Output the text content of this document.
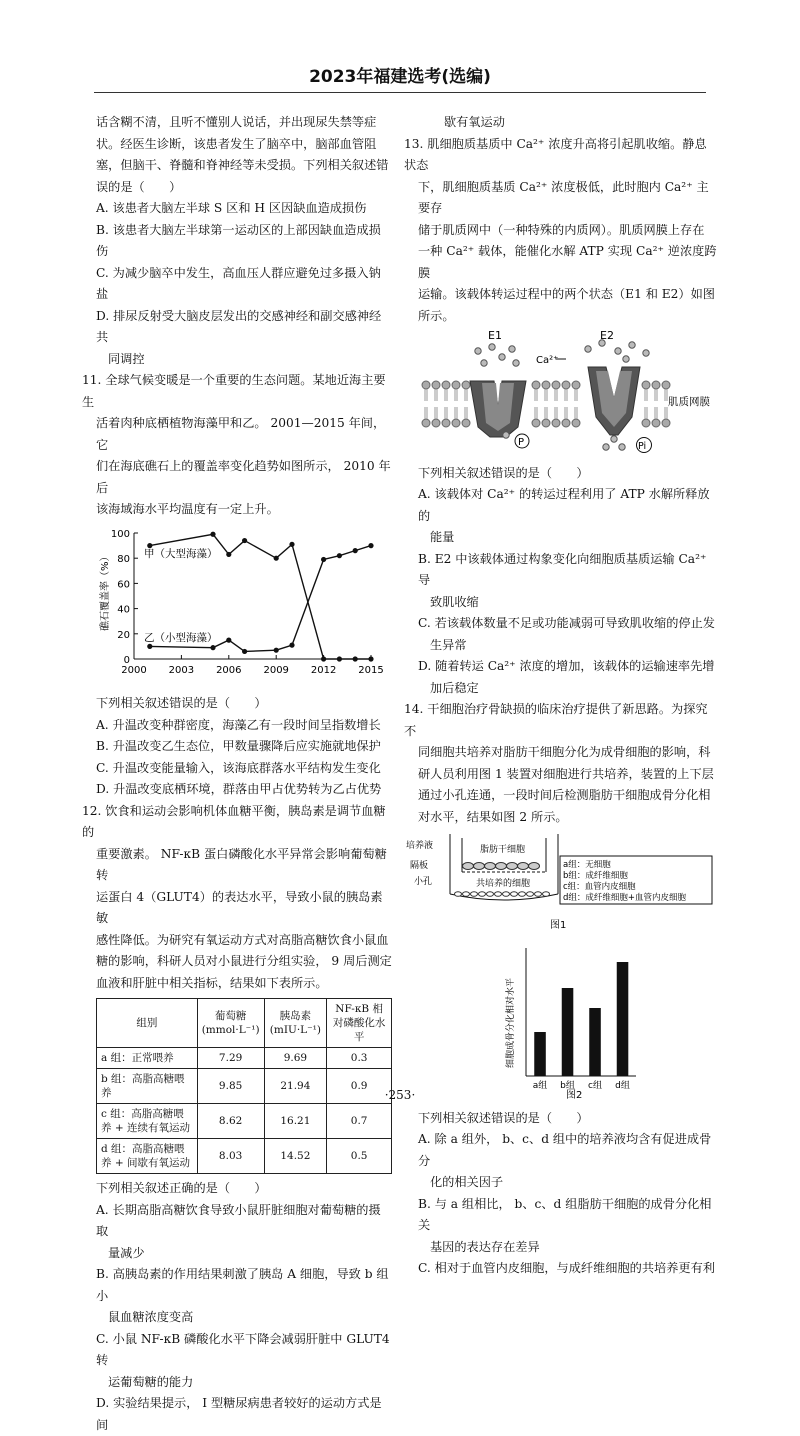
2023年福建选考(选编)

话含糊不清，且听不懂别人说话，并出现尿失禁等症

状。经医生诊断，该患者发生了脑卒中，脑部血管阻

塞，但脑干、脊髓和脊神经等未受损。下列相关叙述错

误的是（　　）

A. 该患者大脑左半球 S 区和 H 区因缺血造成损伤

B. 该患者大脑左半球第一运动区的上部因缺血造成损伤

C. 为减少脑卒中发生，高血压人群应避免过多摄入钠盐

D. 排尿反射受大脑皮层发出的交感神经和副交感神经共

同调控

11. 全球气候变暖是一个重要的生态问题。某地近海主要生

活着肉种底栖植物海藻甲和乙。 2001—2015 年间，它

们在海底礁石上的覆盖率变化趋势如图所示， 2010 年后

该海域海水平均温度有一定上升。

0
20
40
60
80
100
2000 2003 2006 2009 2012 2015
礁石覆盖率（%）	甲（大型海藻）
乙（小型海藻）

下列相关叙述错误的是（　　）

A. 升温改变种群密度，海藻乙有一段时间呈指数增长

B. 升温改变乙生态位，甲数量骤降后应实施就地保护

C. 升温改变能量输入，该海底群落水平结构发生变化

D. 升温改变底栖环境，群落由甲占优势转为乙占优势

12. 饮食和运动会影响机体血糖平衡，胰岛素是调节血糖的

重要激素。 NF-κB 蛋白磷酸化水平异常会影响葡萄糖转

运蛋白 4（GLUT4）的表达水平，导致小鼠的胰岛素敏

感性降低。为研究有氧运动方式对高脂高糖饮食小鼠血

糖的影响，科研人员对小鼠进行分组实验， 9 周后测定

血液和肝脏中相关指标，结果如下表所示。

组别	葡萄糖(mmol·L⁻¹)	胰岛素(mIU·L⁻¹)	NF-κB 相对磷酸化水平
a 组：正常喂养	7.29	9.69	0.3
b 组：高脂高糖喂养	9.85	21.94	0.9
c 组：高脂高糖喂养 + 连续有氧运动	8.62	16.21	0.7
d 组：高脂高糖喂养 + 间歇有氧运动	8.03	14.52	0.5

下列相关叙述正确的是（　　）

A. 长期高脂高糖饮食导致小鼠肝脏细胞对葡萄糖的摄取

量减少

B. 高胰岛素的作用结果刺激了胰岛 A 细胞，导致 b 组小

鼠血糖浓度变高

C. 小鼠 NF-κB 磷酸化水平下降会减弱肝脏中 GLUT4 转

运葡萄糖的能力

D. 实验结果提示， I 型糖尿病患者较好的运动方式是间

歇有氧运动

13. 肌细胞质基质中 Ca²⁺ 浓度升高将引起肌收缩。静息状态

下，肌细胞质基质 Ca²⁺ 浓度极低，此时胞内 Ca²⁺ 主要存

储于肌质网中（一种特殊的内质网）。肌质网膜上存在

一种 Ca²⁺ 载体，能催化水解 ATP 实现 Ca²⁺ 逆浓度跨膜

运输。该载体转运过程中的两个状态（E1 和 E2）如图

所示。

P	Pi
E1	E2
Ca²⁺
肌质网膜

下列相关叙述错误的是（　　）

A. 该载体对 Ca²⁺ 的转运过程利用了 ATP 水解所释放的

能量

B. E2 中该载体通过构象变化向细胞质基质运输 Ca²⁺ 导

致肌收缩

C. 若该载体数量不足或功能减弱可导致肌收缩的停止发

生异常

D. 随着转运 Ca²⁺ 浓度的增加，该载体的运输速率先增

加后稳定

14. 干细胞治疗骨缺损的临床治疗提供了新思路。为探究不

同细胞共培养对脂肪干细胞分化为成骨细胞的影响，科

研人员利用图 1 装置对细胞进行共培养，装置的上下层

通过小孔连通，一段时间后检测脂肪干细胞成骨分化相

对水平，结果如图 2 所示。

培养液
隔板
小孔
脂肪干细胞
共培养的细胞
a组：无细胞
b组：成纤维细胞
c组：血管内皮细胞
d组：成纤维细胞+血管内皮细胞
图1
a组 b组 c组 d组
细胞成骨分化相对水平
图2

下列相关叙述错误的是（　　）

A. 除 a 组外， b、c、d 组中的培养液均含有促进成骨分

化的相关因子

B. 与 a 组相比， b、c、d 组脂肪干细胞的成骨分化相关

基因的表达存在差异

C. 相对于血管内皮细胞，与成纤维细胞的共培养更有利

·253·
